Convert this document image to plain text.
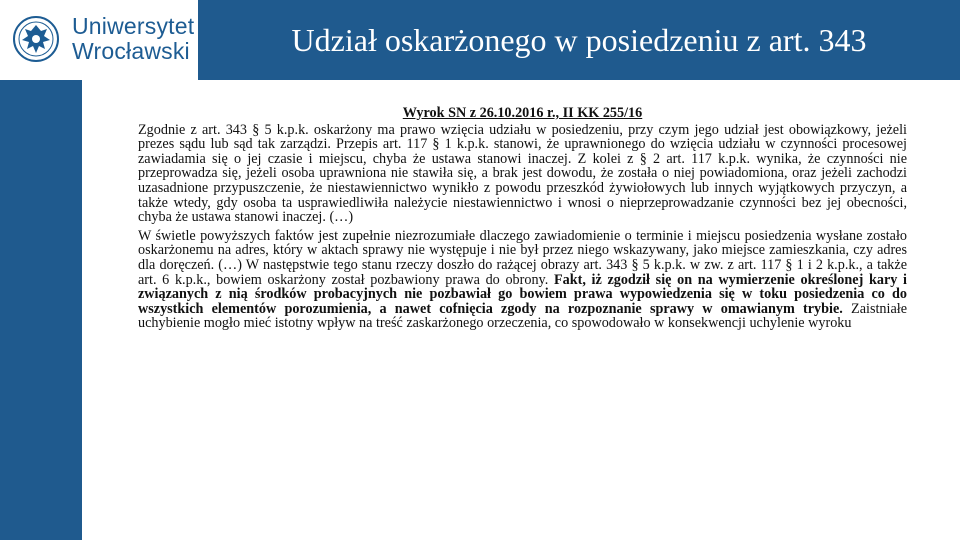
Uniwersytet
Wrocławski	Udział oskarżonego w posiedzeniu z art. 343
Wyrok SN z 26.10.2016 r., II KK 255/16

Zgodnie z art. 343 § 5 k.p.k. oskarżony ma prawo wzięcia udziału w posiedzeniu, przy czym jego udział jest obowiązkowy, jeżeli prezes sądu lub sąd tak zarządzi. Przepis art. 117 § 1 k.p.k. stanowi, że uprawnionego do wzięcia udziału w czynności procesowej zawiadamia się o jej czasie i miejscu, chyba że ustawa stanowi inaczej. Z kolei z § 2 art. 117 k.p.k. wynika, że czynności nie przeprowadza się, jeżeli osoba uprawniona nie stawiła się, a brak jest dowodu, że została o niej powiadomiona, oraz jeżeli zachodzi uzasadnione przypuszczenie, że niestawiennictwo wynikło z powodu przeszkód żywiołowych lub innych wyjątkowych przyczyn, a także wtedy, gdy osoba ta usprawiedliwiła należycie niestawiennictwo i wnosi o nieprzeprowadzanie czynności bez jej obecności, chyba że ustawa stanowi inaczej. (…)

W świetle powyższych faktów jest zupełnie niezrozumiałe dlaczego zawiadomienie o terminie i miejscu posiedzenia wysłane zostało oskarżonemu na adres, który w aktach sprawy nie występuje i nie był przez niego wskazywany, jako miejsce zamieszkania, czy adres dla doręczeń. (…) W następstwie tego stanu rzeczy doszło do rażącej obrazy art. 343 § 5 k.p.k. w zw. z art. 117 § 1 i 2 k.p.k., a także art. 6 k.p.k., bowiem oskarżony został pozbawiony prawa do obrony. Fakt, iż zgodził się on na wymierzenie określonej kary i związanych z nią środków probacyjnych nie pozbawiał go bowiem prawa wypowiedzenia się w toku posiedzenia co do wszystkich elementów porozumienia, a nawet cofnięcia zgody na rozpoznanie sprawy w omawianym trybie. Zaistniałe uchybienie mogło mieć istotny wpływ na treść zaskarżonego orzeczenia, co spowodowało w konsekwencji uchylenie wyroku
